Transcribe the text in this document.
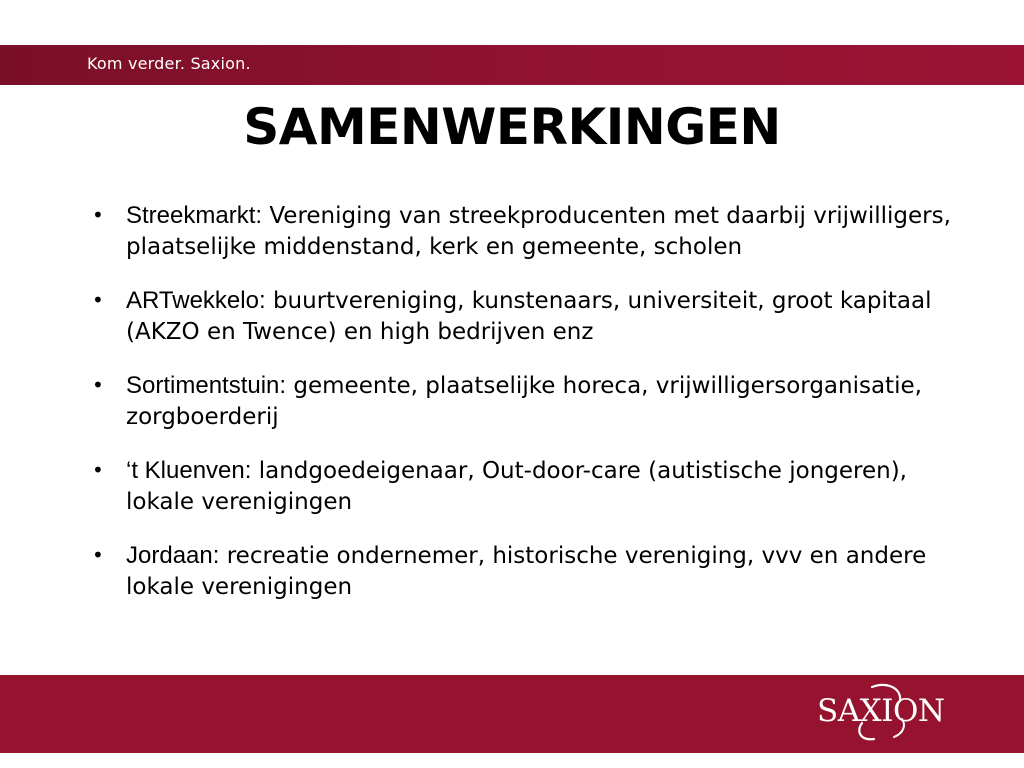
Kom verder. Saxion.
SAMENWERKINGEN
• Streekmarkt: Vereniging van streekproducenten met daarbij vrijwilligers, plaatselijke middenstand, kerk en gemeente, scholen
• ARTwekkelo: buurtvereniging, kunstenaars, universiteit, groot kapitaal (AKZO en Twence) en high bedrijven enz
• Sortimentstuin: gemeente, plaatselijke horeca, vrijwilligersorganisatie, zorgboerderij
• ‘t Kluenven: landgoedeigenaar, Out-door-care (autistische jongeren), lokale verenigingen
• Jordaan: recreatie ondernemer, historische vereniging, vvv en andere lokale verenigingen
SAXION
